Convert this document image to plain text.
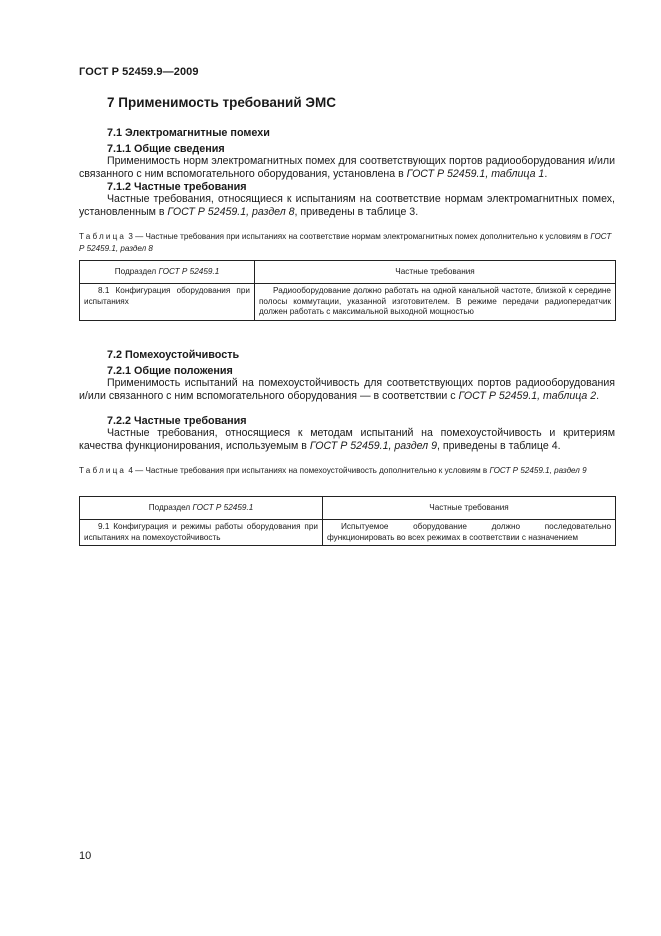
ГОСТ Р 52459.9—2009
7 Применимость требований ЭМС
7.1 Электромагнитные помехи
7.1.1 Общие сведения
Применимость норм электромагнитных помех для соответствующих портов радиооборудования и/или связанного с ним вспомогательного оборудования, установлена в ГОСТ Р 52459.1, таблица 1.
7.1.2 Частные требования
Частные требования, относящиеся к испытаниям на соответствие нормам электромагнитных помех, установленным в ГОСТ Р 52459.1, раздел 8, приведены в таблице 3.
Таблица 3 — Частные требования при испытаниях на соответствие нормам электромагнитных помех дополнительно к условиям в ГОСТ Р 52459.1, раздел 8
Подраздел ГОСТ Р 52459.1	Частные требования
8.1 Конфигурация оборудования при испытаниях	Радиооборудование должно работать на одной канальной частоте, близкой к середине полосы коммутации, указанной изготовителем. В режиме передачи радиопередатчик должен работать с максимальной выходной мощностью
7.2 Помехоустойчивость
7.2.1 Общие положения
Применимость испытаний на помехоустойчивость для соответствующих портов радиооборудования и/или связанного с ним вспомогательного оборудования — в соответствии с ГОСТ Р 52459.1, таблица 2.
7.2.2 Частные требования
Частные требования, относящиеся к методам испытаний на помехоустойчивость и критериям качества функционирования, используемым в ГОСТ Р 52459.1, раздел 9, приведены в таблице 4.
Таблица 4 — Частные требования при испытаниях на помехоустойчивость дополнительно к условиям в ГОСТ Р 52459.1, раздел 9
Подраздел ГОСТ Р 52459.1	Частные требования
9.1 Конфигурация и режимы работы оборудования при испытаниях на помехоустойчивость	Испытуемое оборудование должно последовательно функционировать во всех режимах в соответствии с назначением
10
